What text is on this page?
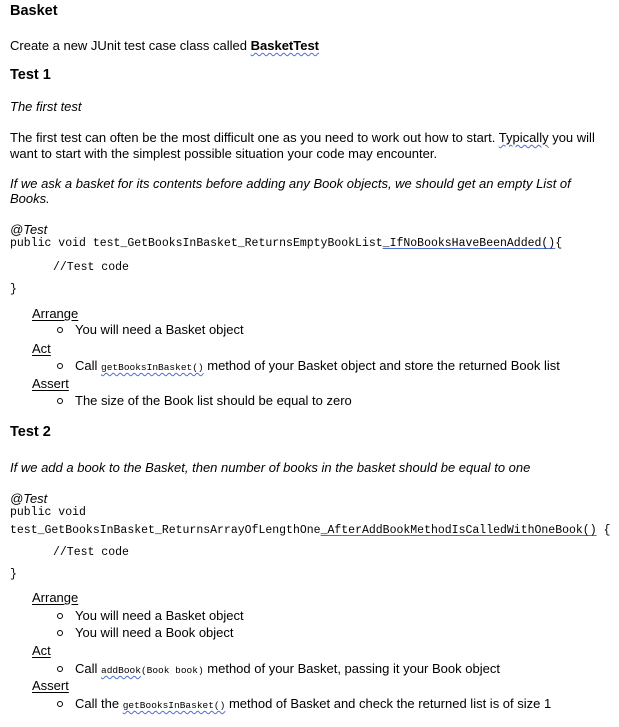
Basket
Create a new JUnit test case class called BasketTest
Test 1
The first test
The first test can often be the most difficult one as you need to work out how to start. Typically you will
want to start with the simplest possible situation your code may encounter.
If we ask a basket for its contents before adding any Book objects, we should get an empty List of
Books.
@Test
public void test_GetBooksInBasket_ReturnsEmptyBookList_IfNoBooksHaveBeenAdded(){
//Test code
}
Arrange
You will need a Basket object
Act
Call getBooksInBasket() method of your Basket object and store the returned Book list
Assert
The size of the Book list should be equal to zero
Test 2
If we add a book to the Basket, then number of books in the basket should be equal to one
@Test
public void
test_GetBooksInBasket_ReturnsArrayOfLengthOne_AfterAddBookMethodIsCalledWithOneBook() {
//Test code
}
Arrange
You will need a Basket object
You will need a Book object
Act
Call addBook(Book book) method of your Basket, passing it your Book object
Assert
Call the getBooksInBasket() method of Basket and check the returned list is of size 1
